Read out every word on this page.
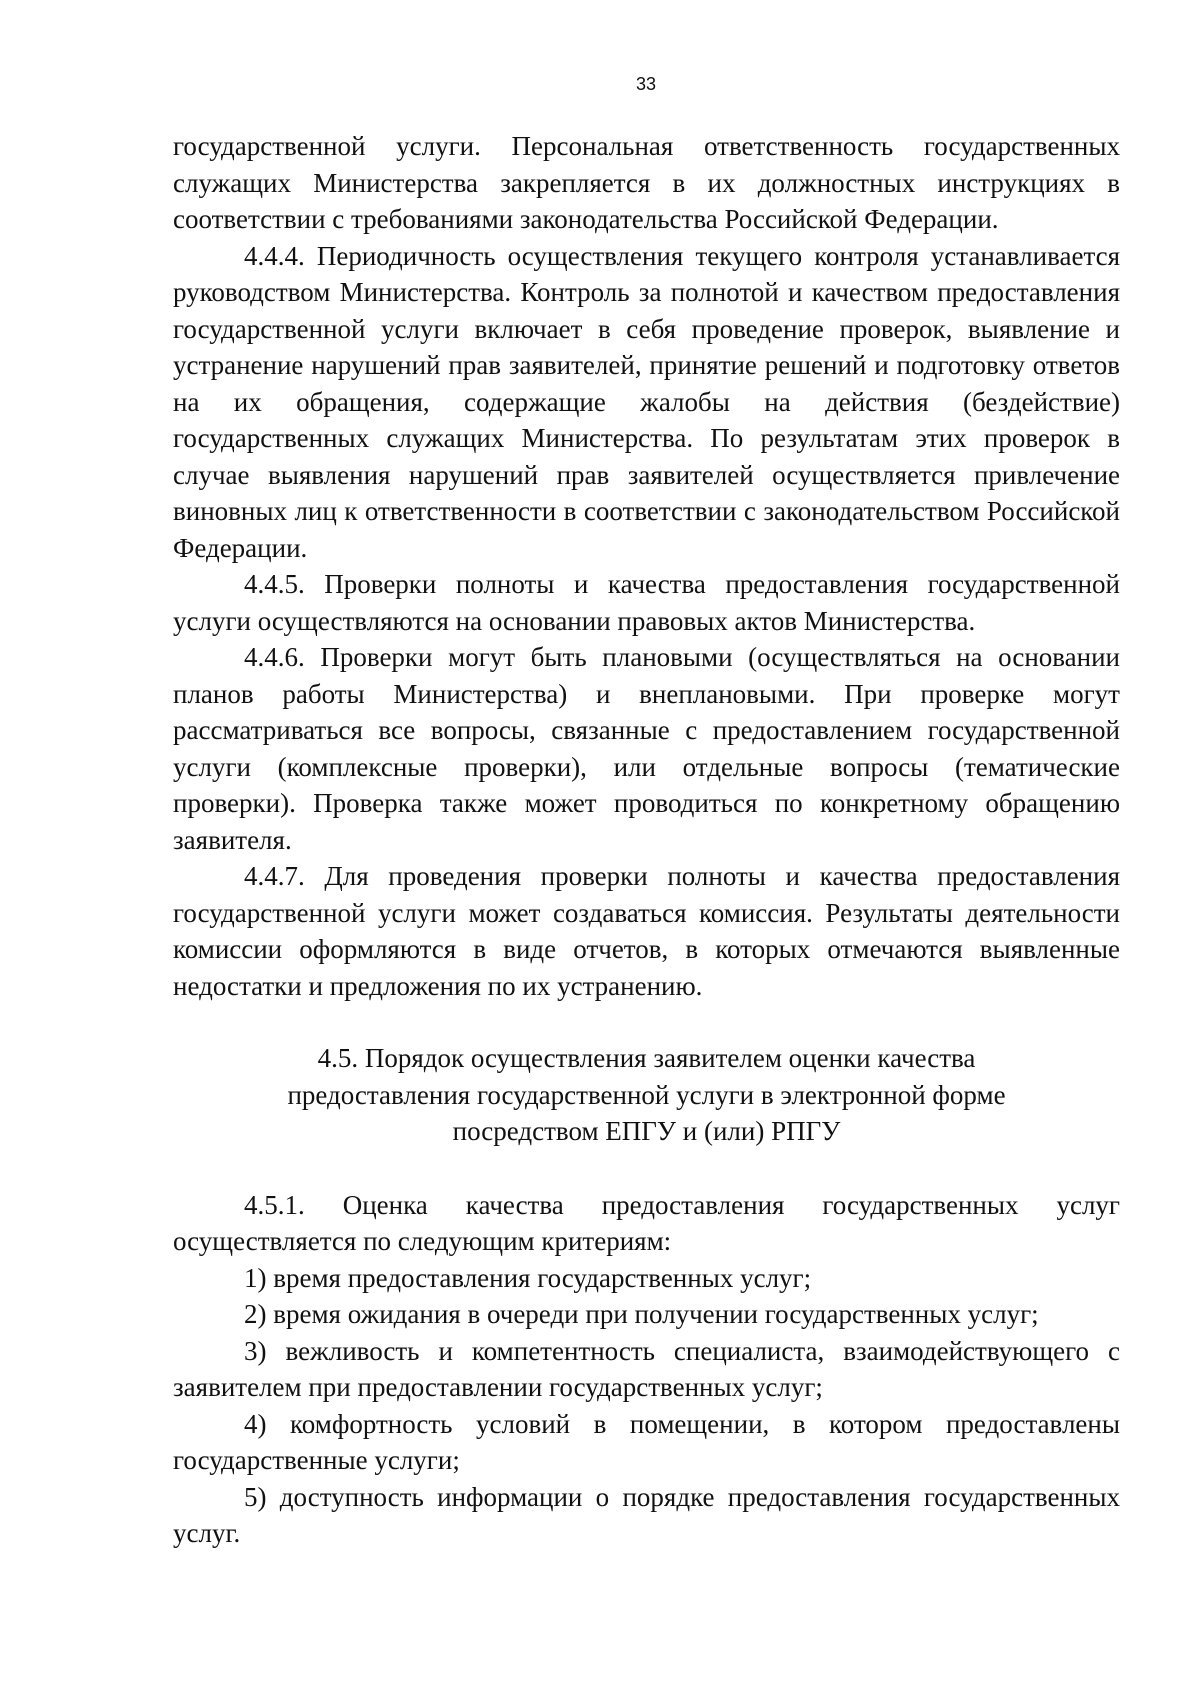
33

государственной услуги. Персональная ответственность государственных служащих Министерства закрепляется в их должностных инструкциях в соответствии с требованиями законодательства Российской Федерации.

4.4.4. Периодичность осуществления текущего контроля устанавливается руководством Министерства. Контроль за полнотой и качеством предоставления государственной услуги включает в себя проведение проверок, выявление и устранение нарушений прав заявителей, принятие решений и подготовку ответов на их обращения, содержащие жалобы на действия (бездействие) государственных служащих Министерства. По результатам этих проверок в случае выявления нарушений прав заявителей осуществляется привлечение виновных лиц к ответственности в соответствии с законодательством Российской Федерации.

4.4.5. Проверки полноты и качества предоставления государственной услуги осуществляются на основании правовых актов Министерства.

4.4.6. Проверки могут быть плановыми (осуществляться на основании планов работы Министерства) и внеплановыми. При проверке могут рассматриваться все вопросы, связанные с предоставлением государственной услуги (комплексные проверки), или отдельные вопросы (тематические проверки). Проверка также может проводиться по конкретному обращению заявителя.

4.4.7. Для проведения проверки полноты и качества предоставления государственной услуги может создаваться комиссия. Результаты деятельности комиссии оформляются в виде отчетов, в которых отмечаются выявленные недостатки и предложения по их устранению.

4.5. Порядок осуществления заявителем оценки качества
предоставления государственной услуги в электронной форме
посредством ЕПГУ и (или) РПГУ

4.5.1. Оценка качества предоставления государственных услуг осуществляется по следующим критериям:

1) время предоставления государственных услуг;

2) время ожидания в очереди при получении государственных услуг;

3) вежливость и компетентность специалиста, взаимодействующего с заявителем при предоставлении государственных услуг;

4) комфортность условий в помещении, в котором предоставлены государственные услуги;

5) доступность информации о порядке предоставления государственных услуг.
